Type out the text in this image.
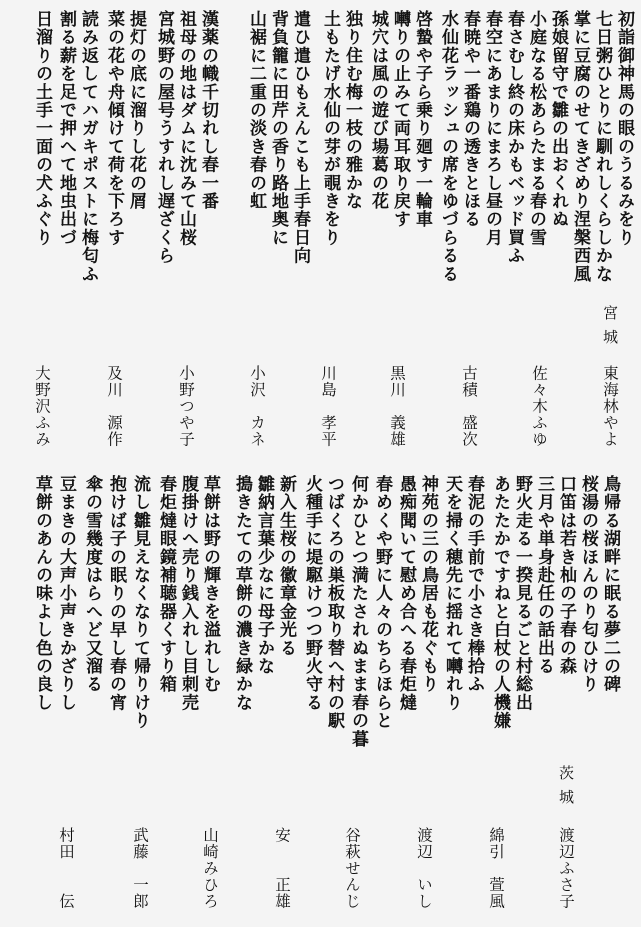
初詣御神馬の眼のうるみをり
七日粥ひとりに馴れしくらしかな
掌に豆腐のせてきざめり涅槃西風
孫娘留守で雛の出おくれぬ
小庭なる松あらたまる春の雪
春さむし終の床かもベッド買ふ
春空にあまりにまろし昼の月
春暁や一番鶏の透きとほる
水仙花ラッシュの席をゆづらるる
啓蟄や子ら乗り廻す一輪車
囀りの止みて両耳取り戻す
城穴は風の遊び場葛の花
独り住む梅一枝の雅かな
土もたげ水仙の芽が覗きをり
遣ひ遣ひもえんこも上手春日向
背負籠に田芹の香り路地奥に
山裾に二重の淡き春の虹
漢薬の幟千切れし春一番
祖母の地はダムに沈みて山桜
宮城野の屋号うすれし遅ざくら
提灯の底に溜りし花の屑
菜の花や舟傾けて荷を下ろす
読み返してハガキポストに梅匂ふ
割る薪を足で押へて地虫出づ
日溜りの土手一面の犬ふぐり
宮城
東海林やよ
佐々木ふゆ
古積　盛次
黒川　義雄
川島　孝平
小沢　カネ
小野つや子
及川　源作
大野沢ふみ
鳥帰る湖畔に眠る夢二の碑
桜湯の桜ほんのり匂ひけり
口笛は若き杣の子春の森
三月や単身赴任の話出る
野火走る一揆見るごと村総出
あたたかですねと白杖の人機嫌
春泥の手前で小さき棒拾ふ
天を掃く穂先に揺れて囀れり
神苑の三の鳥居も花ぐもり
愚痴聞いて慰め合へる春炬燵
春めくや野に人々のちらほらと
何かひとつ満たされぬまま春の暮
つばくろの巣板取り替へ村の駅
火種手に堤駆けつつ野火守る
新入生桜の徽章金光る
雛納言葉少なに母子かな
搗きたての草餅の濃き緑かな
草餅は野の輝きを溢れしむ
腹掛けへ売り銭入れし目刺売
春炬燵眼鏡補聴器くすり箱
流し雛見えなくなりて帰りけり
抱けば子の眠りの早し春の宵
傘の雪幾度はらへど又溜る
豆まきの大声小声きかざりし
草餅のあんの味よし色の良し
茨城
渡辺ふさ子
綿引　萱風
渡辺　いし
谷萩せんじ
安　　正雄
山崎みひろ
武藤　一郎
村田　　伝
